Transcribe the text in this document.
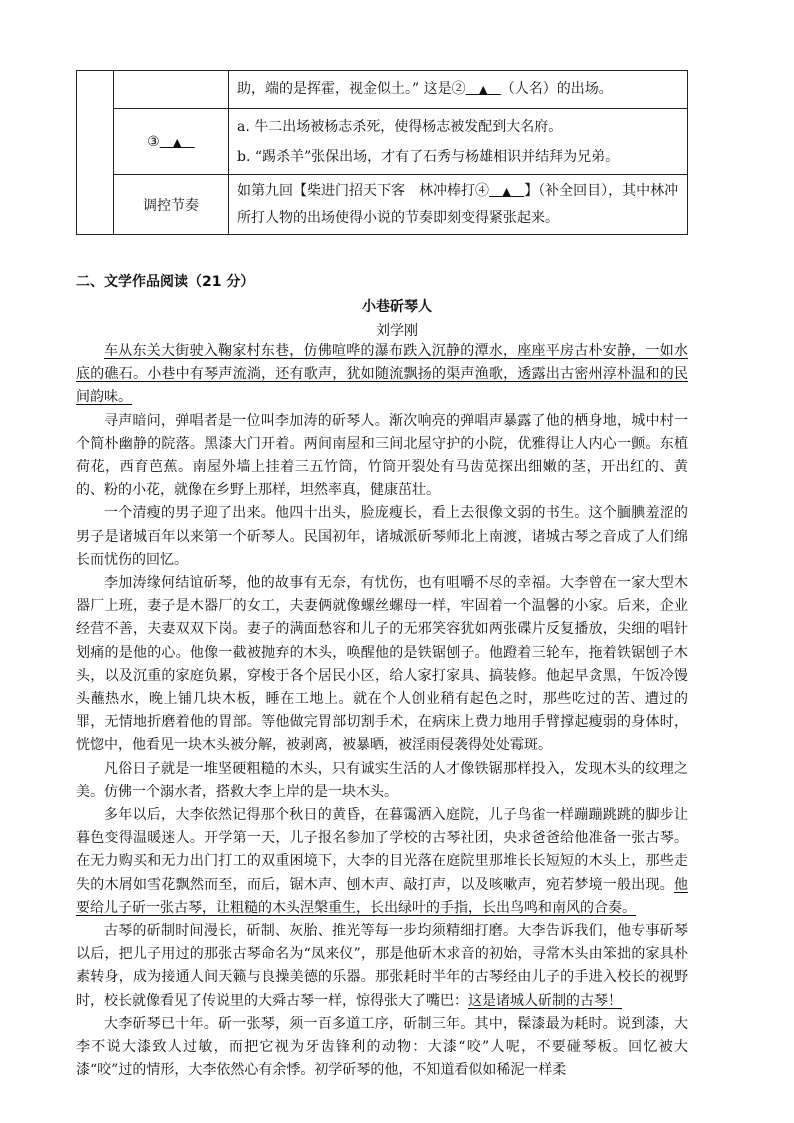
		助，端的是挥霍，视金似土。” 这是② ▲ （人名）的出场。
	③ ▲	a. 牛二出场被杨志杀死，使得杨志被发配到大名府。
b. “踢杀羊”张保出场，才有了石秀与杨雄相识并结拜为兄弟。

	调控节奏	如第九回【柴进门招天下客　林冲棒打④ ▲ 】（补全回目），其中林冲所打人物的出场使得小说的节奏即刻变得紧张起来。
二、文学作品阅读（21 分）
小巷斫琴人
刘学刚

车从东关大街驶入鞠家村东巷，仿佛喧哗的瀑布跌入沉静的潭水，座座平房古朴安静，一如水底的礁石。小巷中有琴声流淌，还有歌声，犹如随流飘扬的渠声渔歌，透露出古密州淳朴温和的民间韵味。

寻声暗问，弹唱者是一位叫李加涛的斫琴人。渐次响亮的弹唱声暴露了他的栖身地，城中村一个简朴幽静的院落。黑漆大门开着。两间南屋和三间北屋守护的小院，优雅得让人内心一颤。东植荷花，西育芭蕉。南屋外墙上挂着三五竹筒，竹筒开裂处有马齿苋探出细嫩的茎，开出红的、黄的、粉的小花，就像在乡野上那样，坦然率真，健康茁壮。

一个清瘦的男子迎了出来。他四十出头，脸庞瘦长，看上去很像文弱的书生。这个腼腆羞涩的男子是诸城百年以来第一个斫琴人。民国初年，诸城派斫琴师北上南渡，诸城古琴之音成了人们绵长而忧伤的回忆。

李加涛缘何结谊斫琴，他的故事有无奈，有忧伤，也有咀嚼不尽的幸福。大李曾在一家大型木器厂上班，妻子是木器厂的女工，夫妻俩就像螺丝螺母一样，牢固着一个温馨的小家。后来，企业经营不善，夫妻双双下岗。妻子的满面愁容和儿子的无邪笑容犹如两张碟片反复播放，尖细的唱针划痛的是他的心。他像一截被抛弃的木头，唤醒他的是铁锯刨子。他蹬着三轮车，拖着铁锯刨子木头，以及沉重的家庭负累，穿梭于各个居民小区，给人家打家具、搞装修。他起早贪黑，午饭冷馒头蘸热水，晚上铺几块木板，睡在工地上。就在个人创业稍有起色之时，那些吃过的苦、遭过的罪，无情地折磨着他的胃部。等他做完胃部切割手术，在病床上费力地用手臂撑起瘦弱的身体时，恍惚中，他看见一块木头被分解，被剥离，被暴晒，被淫雨侵袭得处处霉斑。

凡俗日子就是一堆坚硬粗糙的木头，只有诚实生活的人才像铁锯那样投入，发现木头的纹理之美。仿佛一个溺水者，搭救大李上岸的是一块木头。

多年以后，大李依然记得那个秋日的黄昏，在暮霭洒入庭院，儿子鸟雀一样蹦蹦跳跳的脚步让暮色变得温暖迷人。开学第一天，儿子报名参加了学校的古琴社团，央求爸爸给他准备一张古琴。在无力购买和无力出门打工的双重困境下，大李的目光落在庭院里那堆长长短短的木头上，那些走失的木屑如雪花飘然而至，而后，锯木声、刨木声、敲打声，以及咳嗽声，宛若梦境一般出现。他要给儿子斫一张古琴，让粗糙的木头涅槃重生，长出绿叶的手指，长出鸟鸣和南风的合奏。

古琴的斫制时间漫长，斫制、灰胎、推光等每一步均须精细打磨。大李告诉我们，他专事斫琴以后，把儿子用过的那张古琴命名为“凤来仪”，那是他斫木求音的初始，寻常木头由笨拙的家具朴素转身，成为接通人间天籁与良操美德的乐器。那张耗时半年的古琴经由儿子的手进入校长的视野时，校长就像看见了传说里的大舜古琴一样，惊得张大了嘴巴：这是诸城人斫制的古琴！

大李斫琴已十年。斫一张琴，须一百多道工序，斫制三年。其中，髹漆最为耗时。说到漆，大李不说大漆致人过敏，而把它视为牙齿锋利的动物：大漆“咬”人呢，不要碰琴板。回忆被大漆“咬”过的情形，大李依然心有余悸。初学斫琴的他，不知道看似如稀泥一样柔
